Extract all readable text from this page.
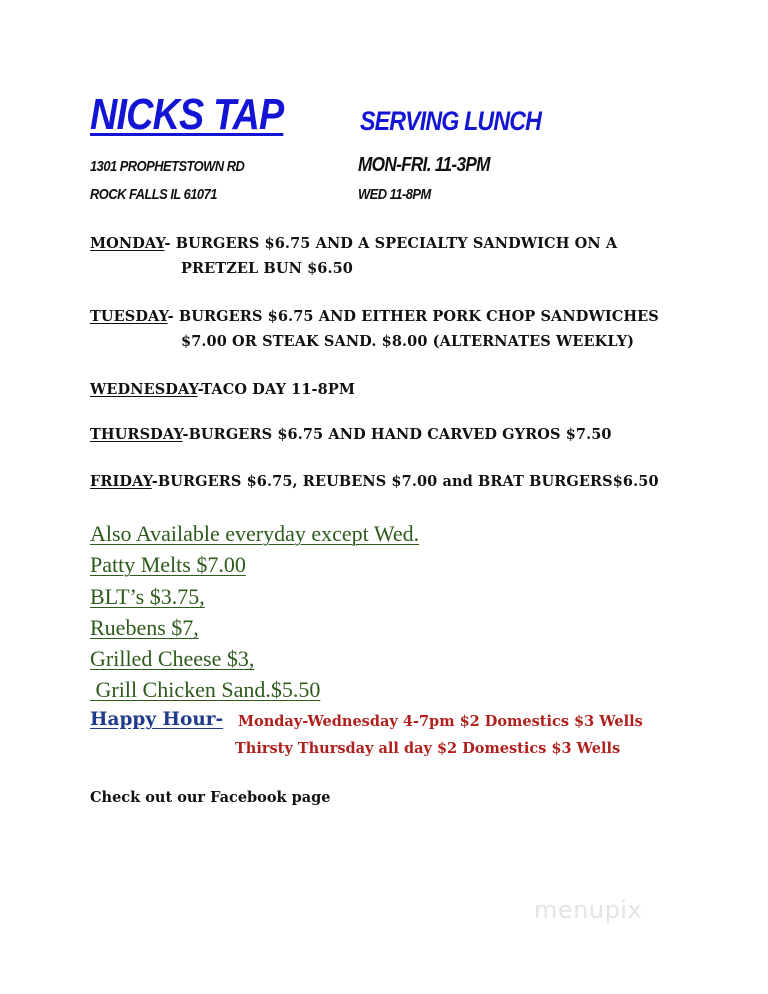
NICKS TAP	SERVING LUNCH
1301 PROPHETSTOWN RD
ROCK FALLS IL 61071
MON-FRI. 11-3PM
WED 11-8PM
MONDAY- BURGERS $6.75 AND A SPECIALTY SANDWICH ON A
PRETZEL BUN $6.50
TUESDAY- BURGERS $6.75 AND EITHER PORK CHOP SANDWICHES
$7.00 OR STEAK SAND. $8.00 (ALTERNATES WEEKLY)
WEDNESDAY-TACO DAY 11-8PM
THURSDAY-BURGERS $6.75 AND HAND CARVED GYROS $7.50
FRIDAY-BURGERS $6.75, REUBENS $7.00 and BRAT BURGERS$6.50
Also Available everyday except Wed.
Patty Melts $7.00
BLT’s $3.75,
Ruebens $7,
Grilled Cheese $3,
Grill Chicken Sand.$5.50
Happy Hour- Monday-Wednesday 4-7pm $2 Domestics $3 Wells
Thirsty Thursday all day $2 Domestics $3 Wells
Check out our Facebook page
menupix
